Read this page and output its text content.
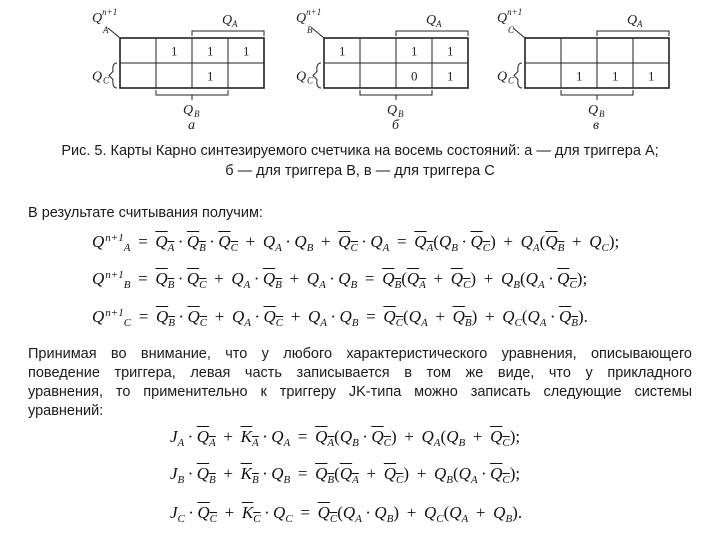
$Q^{n+1}$
A
Q A
Q C
Q B
а
1 1 1
1
$Q^{n+1}$
B
Q A
Q C
Q B
б
1	1 1
0 1
$Q^{n+1}$
C
Q A
Q C
Q B
в
1 1 1
Рис. 5. Карты Карно синтезируемого счетчика на восемь состояний: а — для триггера А;
б — для триггера В, в — для триггера С
В результате считывания получим:
$Q^{n+1}_A = Q_A \cdot Q_B \cdot Q_C + Q_A \cdot Q_B + Q_C \cdot Q_A = Q_A(Q_B \cdot Q_C) + Q_A(Q_B + Q_C)$;
$Q^{n+1}_B = Q_B \cdot Q_C + Q_A \cdot Q_B + Q_A \cdot Q_B = Q_B(Q_A + Q_C) + Q_B(Q_A \cdot Q_C)$;
$Q^{n+1}_C = Q_B \cdot Q_C + Q_A \cdot Q_C + Q_A \cdot Q_B = Q_C(Q_A + Q_B) + Q_C(Q_A \cdot Q_B)$.
Принимая во внимание, что у любого характеристического уравнения, описывающего
поведение триггера, левая часть записывается в том же виде, что у прикладного
уравнения, то применительно к триггеру JK-типа можно записать следующие системы
уравнений:
$J_A \cdot Q_A + K_A \cdot Q_A = Q_A(Q_B \cdot Q_C) + Q_A(Q_B + Q_C)$;
$J_B \cdot Q_B + K_B \cdot Q_B = Q_B(Q_A + Q_C) + Q_B(Q_A \cdot Q_C)$;
$J_C \cdot Q_C + K_C \cdot Q_C = Q_C(Q_A \cdot Q_B) + Q_C(Q_A + Q_B)$.
